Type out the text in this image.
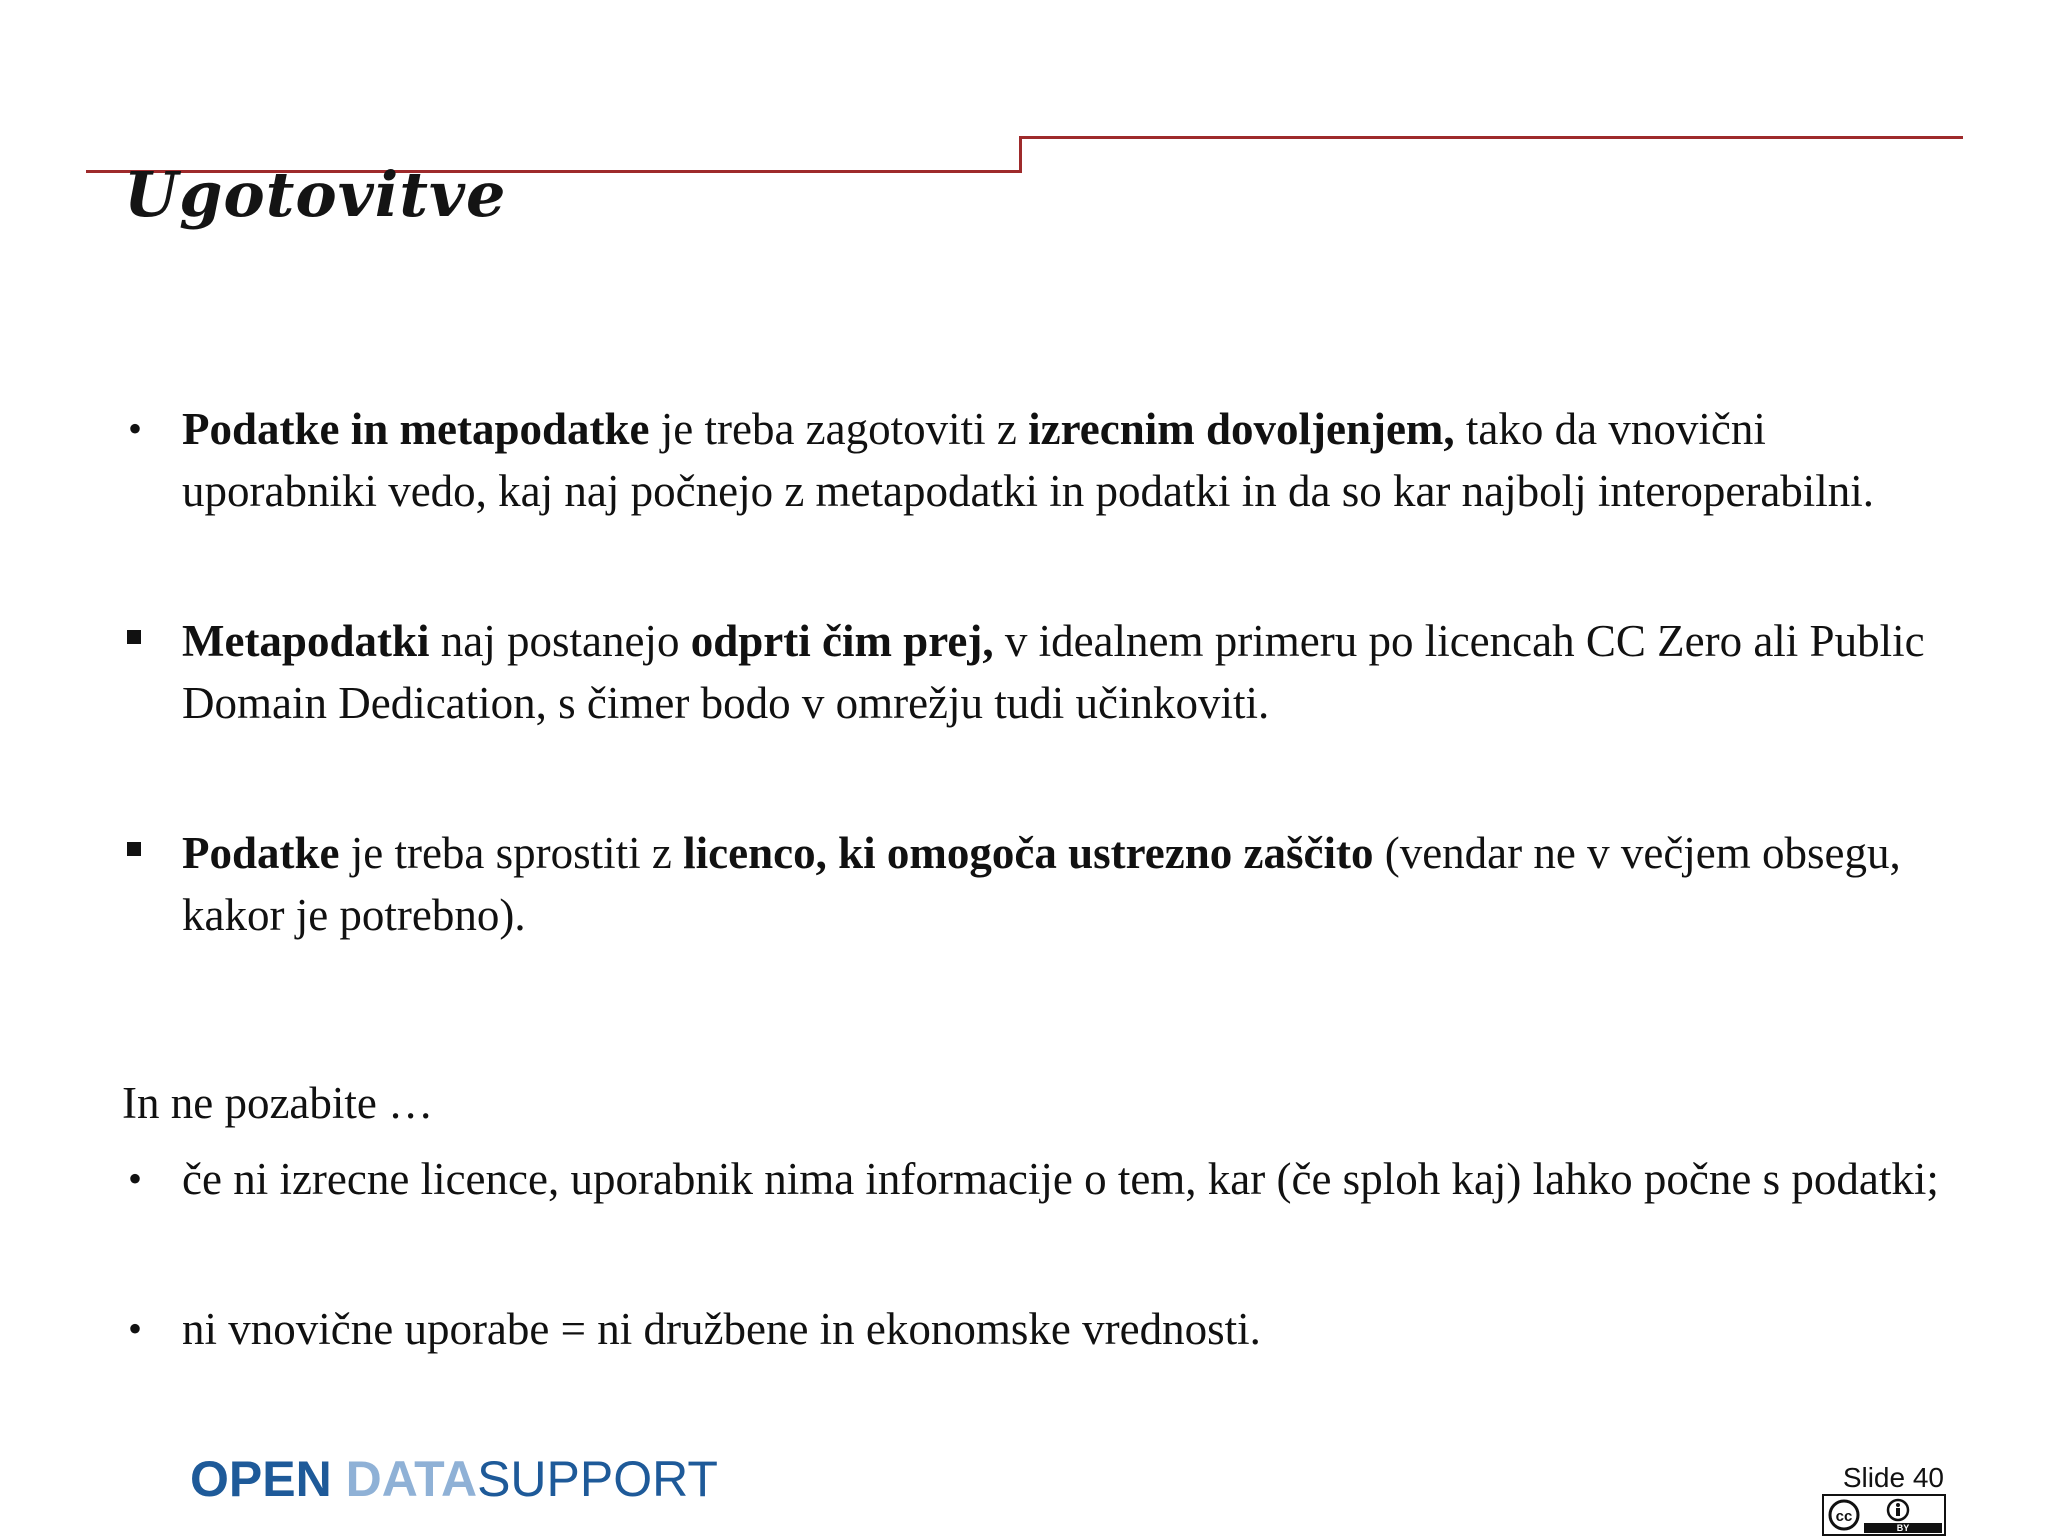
Ugotovitve
• Podatke in metapodatke je treba zagotoviti z izrecnim dovoljenjem, tako da vnovični uporabniki vedo, kaj naj počnejo z metapodatki in podatki in da so kar najbolj interoperabilni.

Metapodatki naj postanejo odprti čim prej, v idealnem primeru po licencah CC Zero ali Public Domain Dedication, s čimer bodo v omrežju tudi učinkoviti.

Podatke je treba sprostiti z licenco, ki omogoča ustrezno zaščito (vendar ne v večjem obsegu, kakor je potrebno).

In ne pozabite …

• če ni izrecne licence, uporabnik nima informacije o tem, kar (če sploh kaj) lahko počne s podatki;

• ni vnovične uporabe = ni družbene in ekonomske vrednosti.

OPEN DATASUPPORT	Slide 40
cc
BY
